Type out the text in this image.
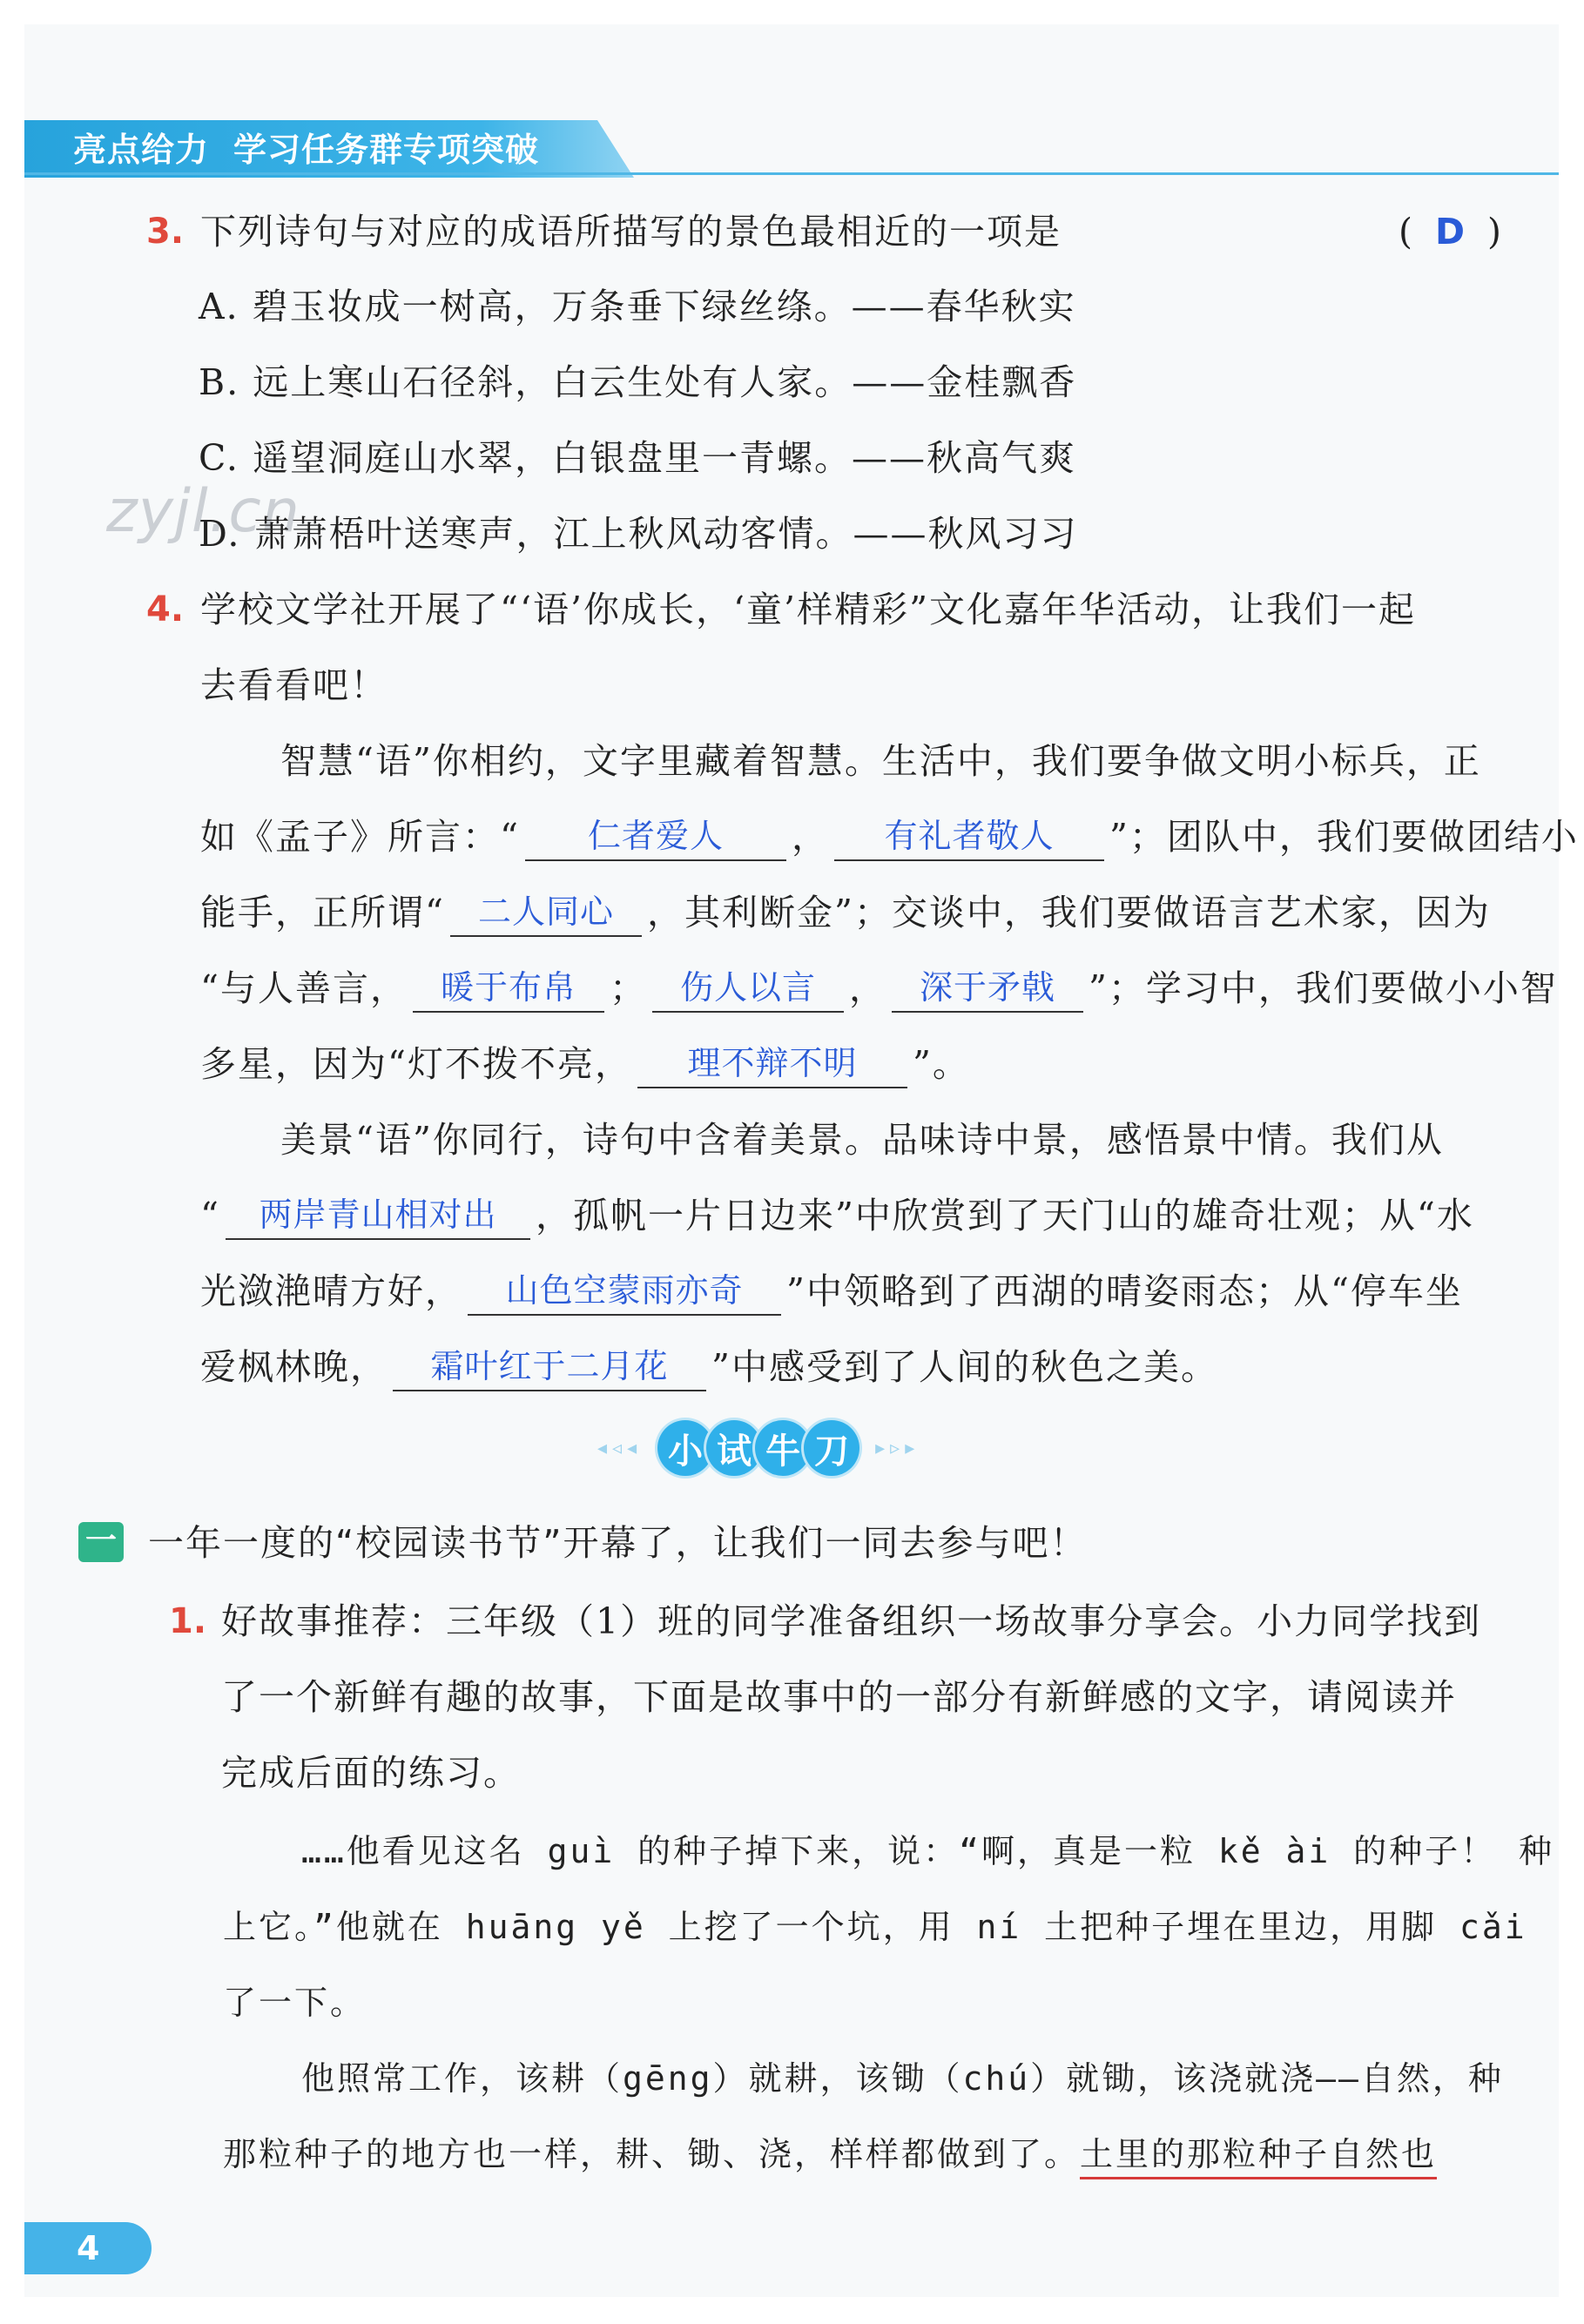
亮点给力 学习任务群专项突破
zyjl.cn
3. 下列诗句与对应的成语所描写的景色最相近的一项是	( D )
A. 碧玉妆成一树高，万条垂下绿丝绦。——春华秋实
B. 远上寒山石径斜，白云生处有人家。——金桂飘香
C. 遥望洞庭山水翠，白银盘里一青螺。——秋高气爽
D. 萧萧梧叶送寒声，江上秋风动客情。——秋风习习
4. 学校文学社开展了“‘语’你成长，‘童’样精彩”文化嘉年华活动，让我们一起
去看看吧！
智慧“语”你相约，文字里藏着智慧。生活中，我们要争做文明小标兵，正
如《孟子》所言：“ 仁者爱人 ， 有礼者敬人 ”；团队中，我们要做团结小
能手，正所谓“ 二人同心 ，其利断金”；交谈中，我们要做语言艺术家，因为
“与人善言， 暖于布帛 ； 伤人以言 ， 深于矛戟 ”；学习中，我们要做小小智
多星，因为“灯不拨不亮， 理不辩不明 ”。
美景“语”你同行，诗句中含着美景。品味诗中景，感悟景中情。我们从
“ 两岸青山相对出 ，孤帆一片日边来”中欣赏到了天门山的雄奇壮观；从“水
光潋滟晴方好， 山色空蒙雨亦奇 ”中领略到了西湖的晴姿雨态；从“停车坐
爱枫林晚， 霜叶红于二月花 ”中感受到了人间的秋色之美。
◂◃◂ 小 试 牛 刀	▸▹▸
一 一年一度的“校园读书节”开幕了，让我们一同去参与吧！
1. 好故事推荐：三年级（1）班的同学准备组织一场故事分享会。小力同学找到
了一个新鲜有趣的故事，下面是故事中的一部分有新鲜感的文字，请阅读并
完成后面的练习。
……他看见这名 guì 的种子掉下来，说：“啊，真是一粒 kě ài 的种子！ 种
上它。”他就在 huāng yě 上挖了一个坑，用 ní 土把种子埋在里边，用脚 cǎi
了一下。
他照常工作，该耕（gēng）就耕，该锄（chú）就锄，该浇就浇——自然，种
那粒种子的地方也一样，耕、锄、浇，样样都做到了。土里的那粒种子自然也
4
